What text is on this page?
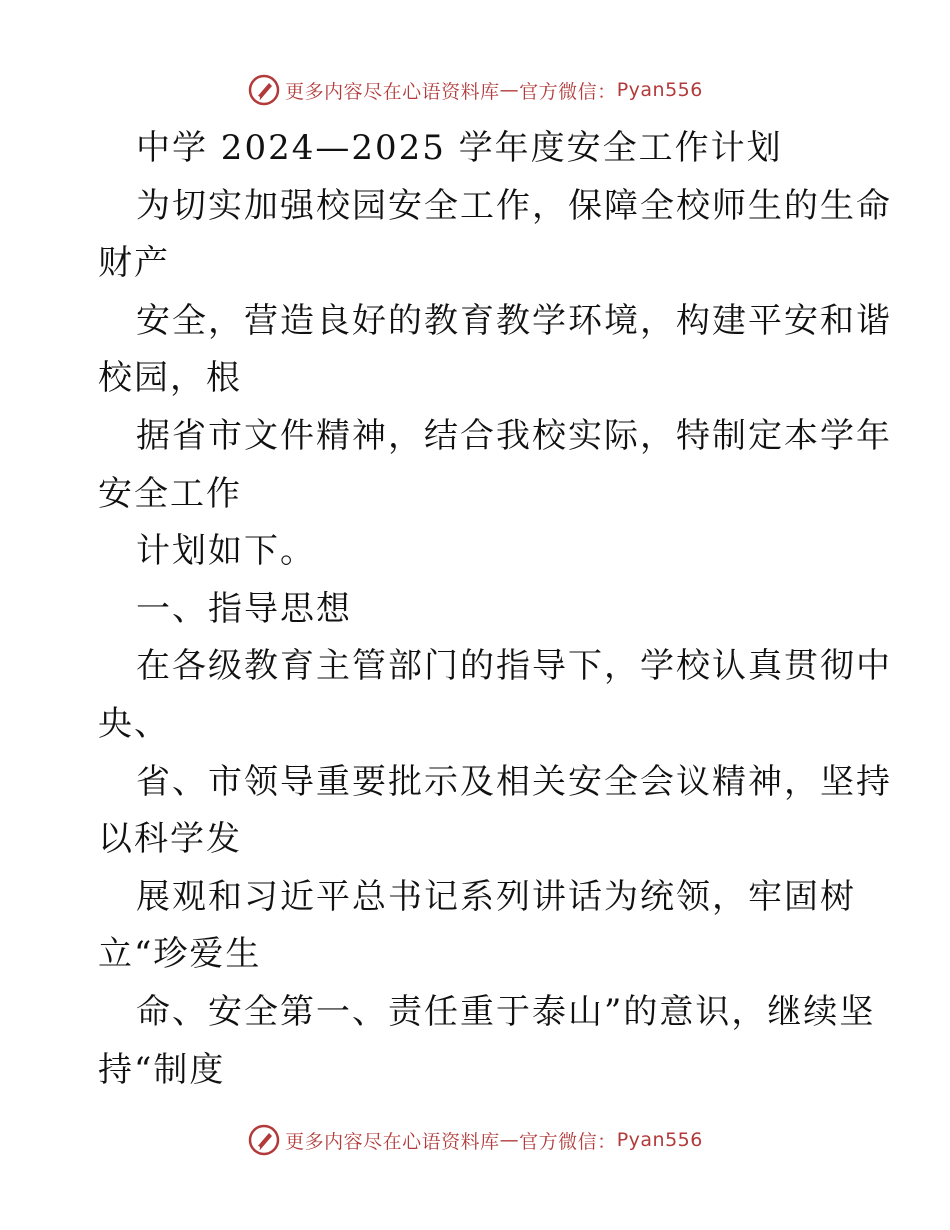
更多内容尽在心语资料库 — 官方微信： Pyan556
中学 2024—2025 学年度安全工作计划
为切实加强校园安全工作，保障全校师生的生命
财产
安全，营造良好的教育教学环境，构建平安和谐
校园，根
据省市文件精神，结合我校实际，特制定本学年
安全工作
计划如下。
一、指导思想
在各级教育主管部门的指导下，学校认真贯彻中
央、
省、市领导重要批示及相关安全会议精神，坚持
以科学发
展观和习近平总书记系列讲话为统领，牢固树
立“珍爱生
命、安全第一、责任重于泰山”的意识，继续坚
持“制度
更多内容尽在心语资料库 — 官方微信： Pyan556
